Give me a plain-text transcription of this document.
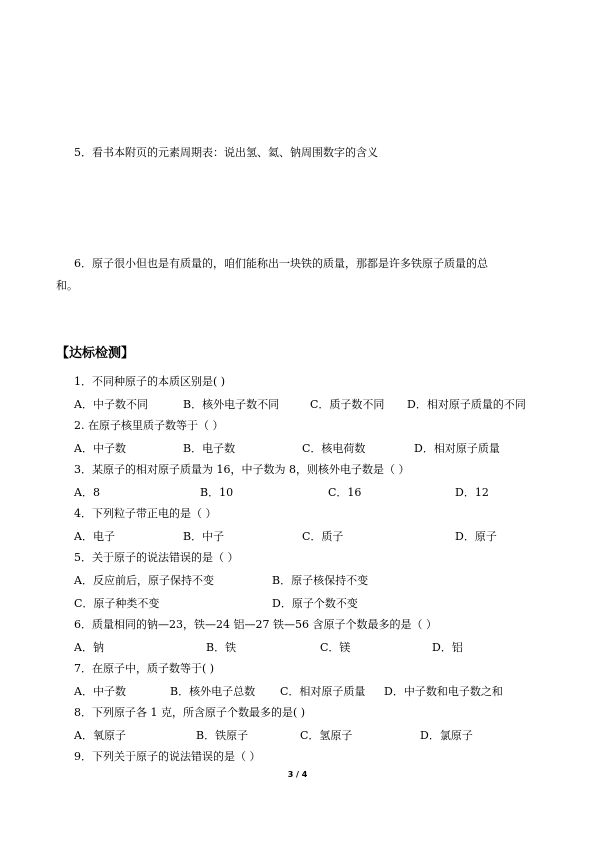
5．看书本附页的元素周期表：说出氢、氦、钠周围数字的含义
6．原子很小但也是有质量的，咱们能称出一块铁的质量，那都是许多铁原子质量的总
和。
【达标检测】
1．不同种原子的本质区别是( )
A．中子数不同	B．核外电子数不同	C．质子数不同 D．相对原子质量的不同
2. 在原子核里质子数等于（ ）
A．中子数	B．电子数	C．核电荷数	D．相对原子质量
3．某原子的相对原子质量为 16，中子数为 8，则核外电子数是（ ）
A．8	B．10	C．16	D．12
4．下列粒子带正电的是（ ）
A．电子	B．中子	C．质子	D．原子
5．关于原子的说法错误的是（ ）
A．反应前后，原子保持不变	B．原子核保持不变
C．原子种类不变	D．原子个数不变
6．质量相同的钠—23，铁—24 铝—27 铁—56 含原子个数最多的是（ ）
A．钠	B．铁	C．镁	D．铝
7．在原子中，质子数等于( )
A．中子数	B．核外电子总数 C．相对原子质量 D．中子数和电子数之和
8．下列原子各 1 克，所含原子个数最多的是( )
A．氧原子	B．铁原子	C．氢原子	D．氯原子
9．下列关于原子的说法错误的是（ ）
3 / 4
